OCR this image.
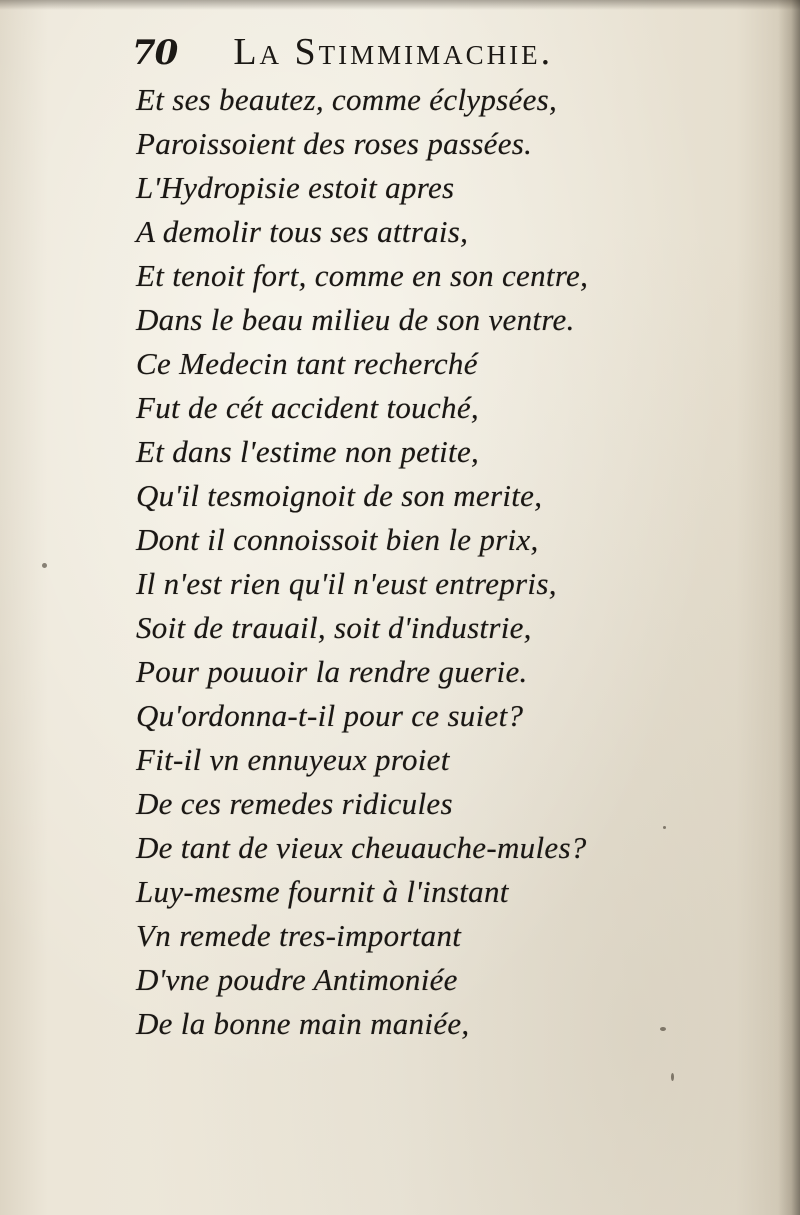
70 La Stimmimachie.
Et ses beautez, comme éclypsées,
Paroissoient des roses passées.
L'Hydropisie estoit apres
A demolir tous ses attrais,
Et tenoit fort, comme en son centre,
Dans le beau milieu de son ventre.
Ce Medecin tant recherché
Fut de cét accident touché,
Et dans l'estime non petite,
Qu'il tesmoignoit de son merite,
Dont il connoissoit bien le prix,
Il n'est rien qu'il n'eust entrepris,
Soit de trauail, soit d'industrie,
Pour pouuoir la rendre guerie.
Qu'ordonna-t-il pour ce suiet?
Fit-il vn ennuyeux proiet
De ces remedes ridicules
De tant de vieux cheuauche-mules?
Luy-mesme fournit à l'instant
Vn remede tres-important
D'vne poudre Antimoniée
De la bonne main maniée,
